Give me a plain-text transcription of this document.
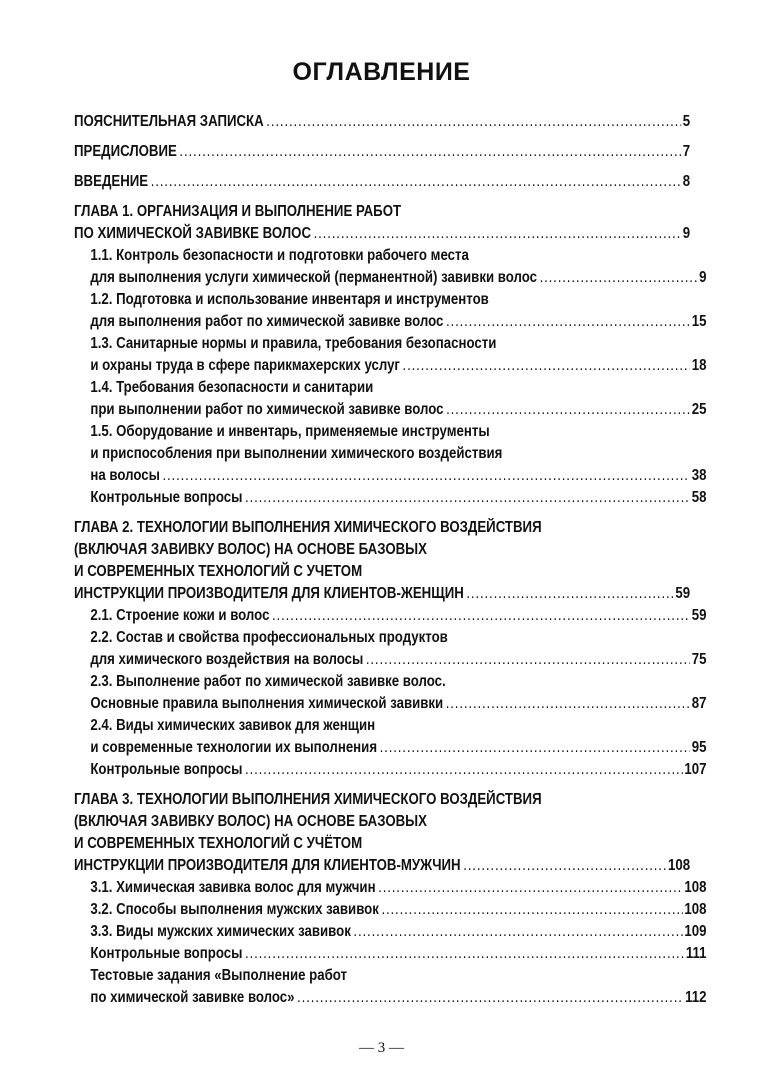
ОГЛАВЛЕНИЕ
ПОЯСНИТЕЛЬНАЯ ЗАПИСКА .....	5
ПРЕДИСЛОВИЕ .....	7
ВВЕДЕНИЕ .....	8
ГЛАВА 1. ОРГАНИЗАЦИЯ И ВЫПОЛНЕНИЕ РАБОТ
ПО ХИМИЧЕСКОЙ ЗАВИВКЕ ВОЛОС .....	9
1.1. Контроль безопасности и подготовки рабочего места
для выполнения услуги химической (перманентной) завивки волос .....	9
1.2. Подготовка и использование инвентаря и инструментов
для выполнения работ по химической завивке волос .....	15
1.3. Санитарные нормы и правила, требования безопасности
и охраны труда в сфере парикмахерских услуг .....	18
1.4. Требования безопасности и санитарии
при выполнении работ по химической завивке волос .....	25
1.5. Оборудование и инвентарь, применяемые инструменты
и приспособления при выполнении химического воздействия
на волосы .....	38
Контрольные вопросы .....	58
ГЛАВА 2. ТЕХНОЛОГИИ ВЫПОЛНЕНИЯ ХИМИЧЕСКОГО ВОЗДЕЙСТВИЯ
(ВКЛЮЧАЯ ЗАВИВКУ ВОЛОС) НА ОСНОВЕ БАЗОВЫХ
И СОВРЕМЕННЫХ ТЕХНОЛОГИЙ С УЧЕТОМ
ИНСТРУКЦИИ ПРОИЗВОДИТЕЛЯ ДЛЯ КЛИЕНТОВ-ЖЕНЩИН .....	59
2.1. Строение кожи и волос .....	59
2.2. Состав и свойства профессиональных продуктов
для химического воздействия на волосы .....	75
2.3. Выполнение работ по химической завивке волос.
Основные правила выполнения химической завивки .....	87
2.4. Виды химических завивок для женщин
и современные технологии их выполнения .....	95
Контрольные вопросы .....	107
ГЛАВА 3. ТЕХНОЛОГИИ ВЫПОЛНЕНИЯ ХИМИЧЕСКОГО ВОЗДЕЙСТВИЯ
(ВКЛЮЧАЯ ЗАВИВКУ ВОЛОС) НА ОСНОВЕ БАЗОВЫХ
И СОВРЕМЕННЫХ ТЕХНОЛОГИЙ С УЧЁТОМ
ИНСТРУКЦИИ ПРОИЗВОДИТЕЛЯ ДЛЯ КЛИЕНТОВ-МУЖЧИН .....	108
3.1. Химическая завивка волос для мужчин .....	108
3.2. Способы выполнения мужских завивок .....	108
3.3. Виды мужских химических завивок .....	109
Контрольные вопросы .....	111
Тестовые задания «Выполнение работ
по химической завивке волос» .....	112
— 3 —
